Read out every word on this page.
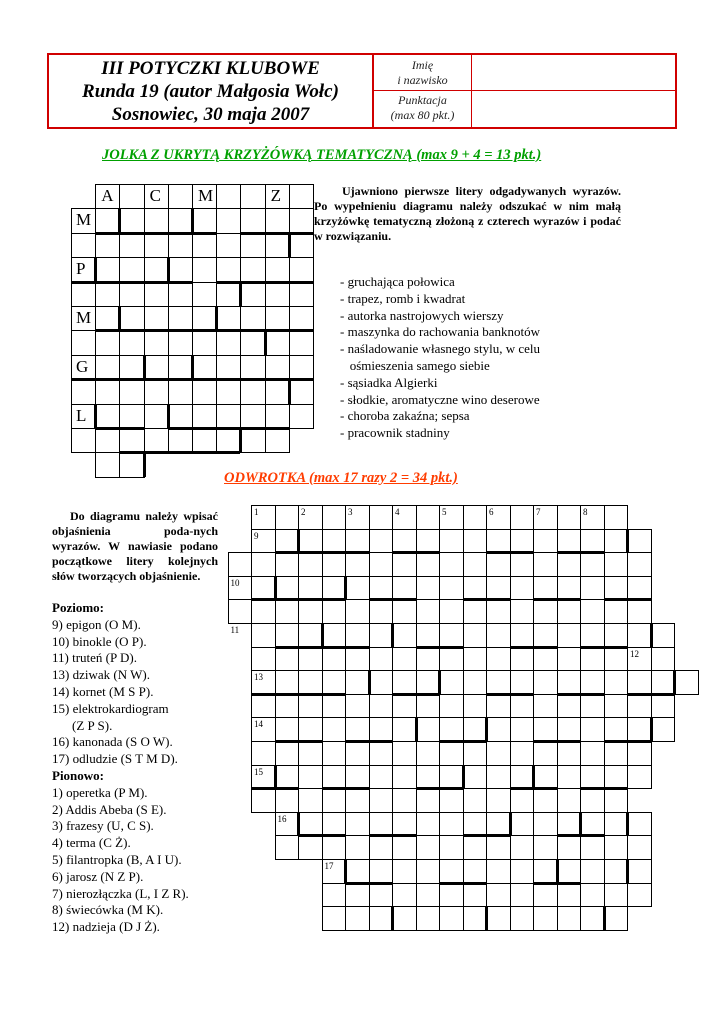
III POTYCZKI KLUBOWE
Runda 19 (autor Małgosia Wołc)
Sosnowiec, 30 maja 2007
Imię
i nazwisko
Punktacja
(max 80 pkt.)
JOLKA Z UKRYTĄ KRZYŻÓWKĄ TEMATYCZNĄ (max 9 + 4 = 13 pkt.)
A C M	Z
M
P
M
G
L
Ujawniono pierwsze litery odgadywanych wyrazów. Po wypełnieniu diagramu należy odszukać w nim małą krzyżówkę tematyczną złożoną z czterech wyrazów i podać w rozwiązaniu.
- gruchająca połowica
- trapez, romb i kwadrat
- autorka nastrojowych wierszy
- maszynka do rachowania banknotów
- naśladowanie własnego stylu, w celu
ośmieszenia samego siebie
- sąsiadka Algierki
- słodkie, aromatyczne wino deserowe
- choroba zakaźna; sepsa
- pracownik stadniny
ODWROTKA (max 17 razy 2 = 34 pkt.)
Do diagramu należy wpisać objaśnienia poda-nych wyrazów. W nawiasie podano początkowe litery kolejnych słów tworzących objaśnienie.
Poziomo:
9) epigon (O M).
10) binokle (O P).
11) truteń (P D).
13) dziwak (N W).
14) kornet (M S P).
15) elektrokardiogram
(Z P S).
16) kanonada (S O W).
17) odludzie (S T M D).
Pionowo:
1) operetka (P M).
2) Addis Abeba (S E).
3) frazesy (U, C S).
4) terma (C Ż).
5) filantropka (B, A I U).
6) jarosz (N Z P).
7) nierozłączka (L, I Z R).
8) świecówka (M K).
12) nadzieja (D J Ż).
1	2	3	4	5	6	7	8
9
10
11
12
13
14
15
16
17
